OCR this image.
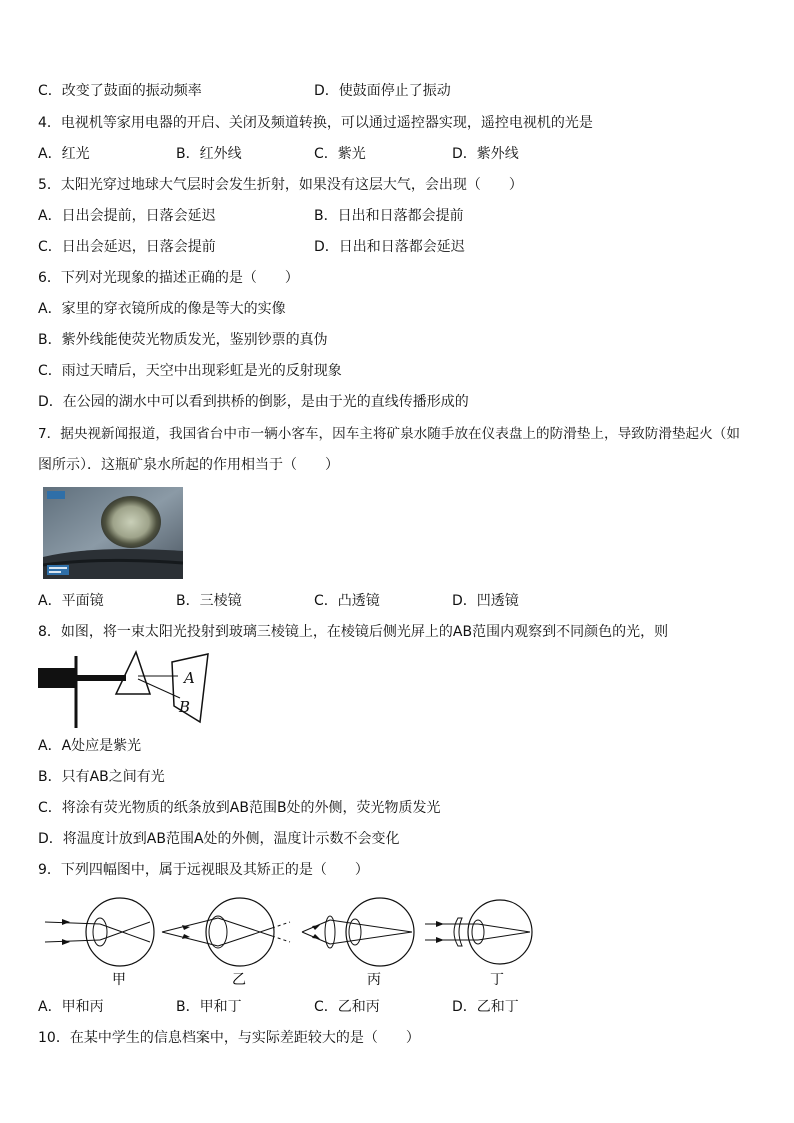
C．改变了鼓面的振动频率	D．使鼓面停止了振动
4．电视机等家用电器的开启、关闭及频道转换，可以通过遥控器实现，遥控电视机的光是
A．红光	B．红外线	C．紫光	D．紫外线
5．太阳光穿过地球大气层时会发生折射，如果没有这层大气，会出现（　　）
A．日出会提前，日落会延迟	B．日出和日落都会提前
C．日出会延迟，日落会提前	D．日出和日落都会延迟
6．下列对光现象的描述正确的是（　　）
A．家里的穿衣镜所成的像是等大的实像
B．紫外线能使荧光物质发光，鉴别钞票的真伪
C．雨过天晴后，天空中出现彩虹是光的反射现象
D．在公园的湖水中可以看到拱桥的倒影，是由于光的直线传播形成的
7．据央视新闻报道，我国省台中市一辆小客车，因车主将矿泉水随手放在仪表盘上的防滑垫上，导致防滑垫起火（如
图所示）．这瓶矿泉水所起的作用相当于（　　）
A．平面镜	B．三棱镜	C．凸透镜	D．凹透镜
8．如图，将一束太阳光投射到玻璃三棱镜上，在棱镜后侧光屏上的AB范围内观察到不同颜色的光，则
A
B
A．A处应是紫光
B．只有AB之间有光
C．将涂有荧光物质的纸条放到AB范围B处的外侧，荧光物质发光
D．将温度计放到AB范围A处的外侧，温度计示数不会变化
9．下列四幅图中，属于远视眼及其矫正的是（　　）
甲	乙	丙	丁
A．甲和丙	B．甲和丁	C．乙和丙	D．乙和丁
10．在某中学生的信息档案中，与实际差距较大的是（　　）
